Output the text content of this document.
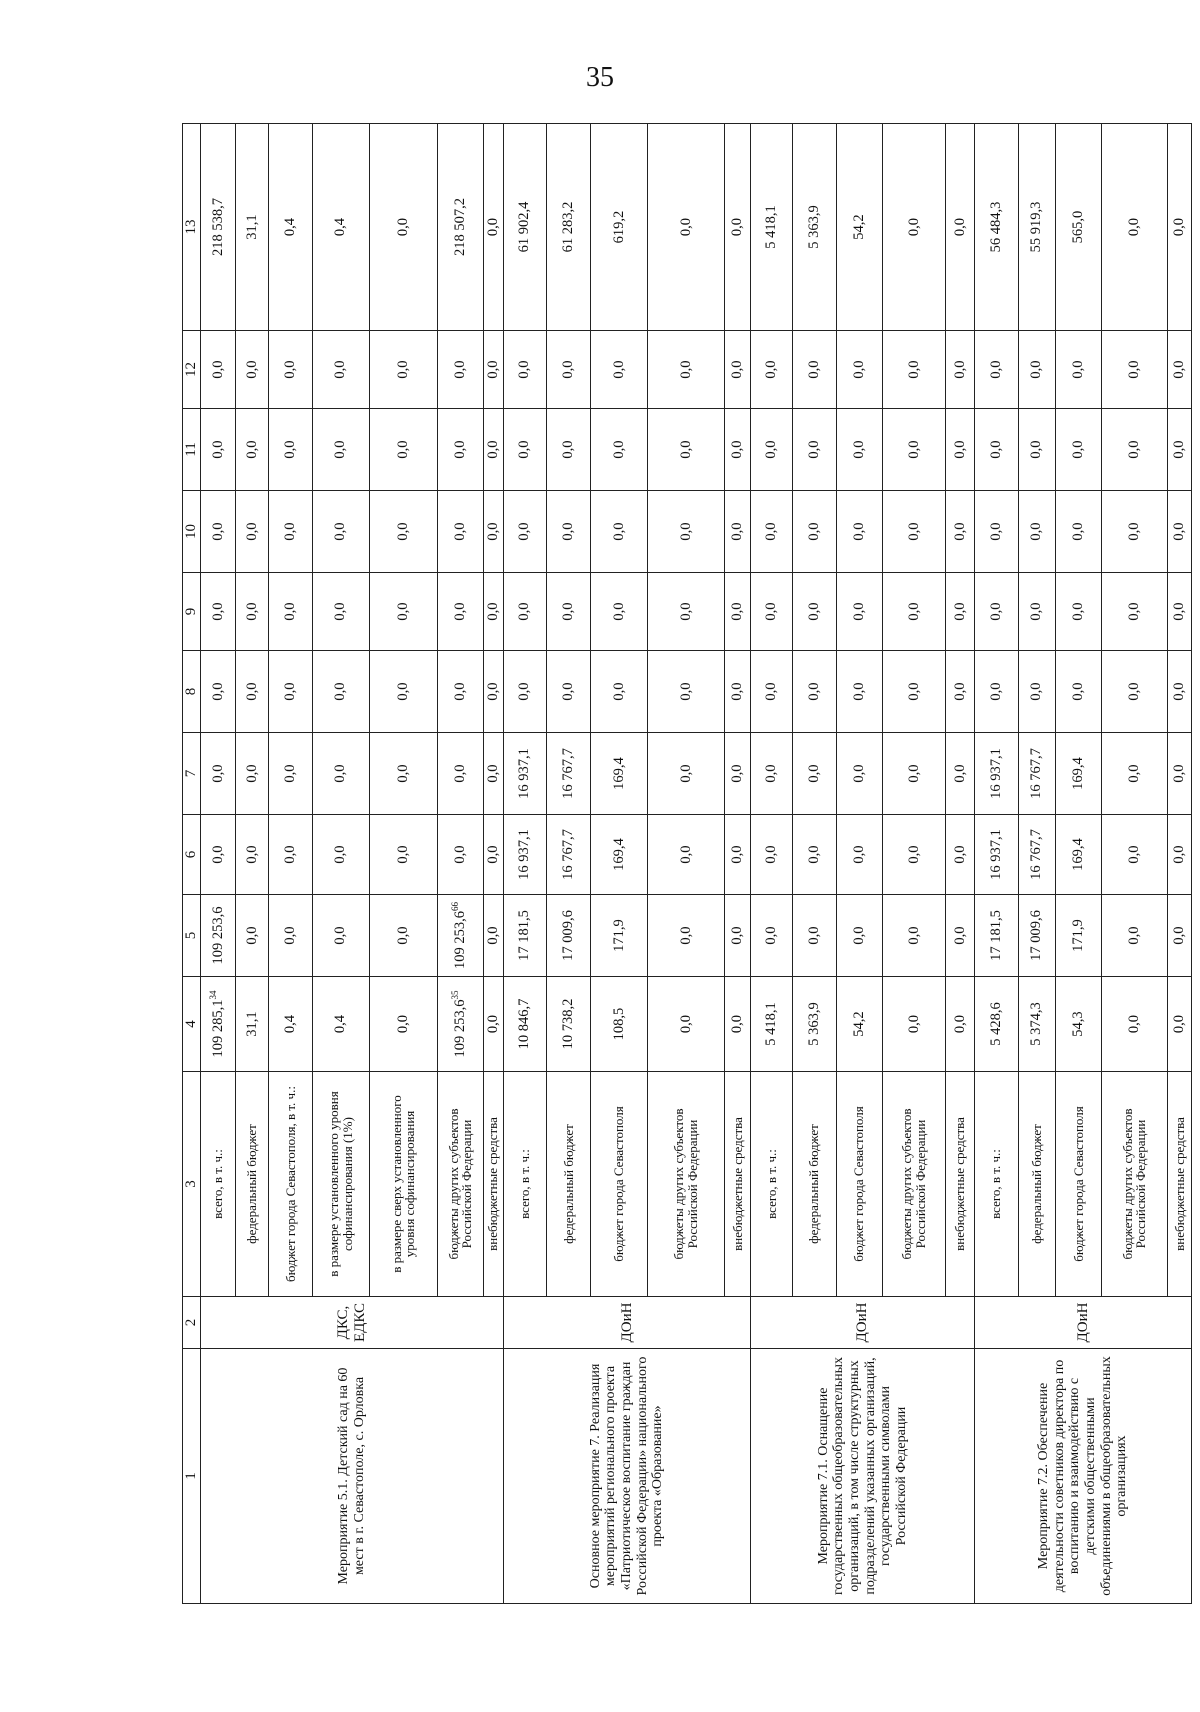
35
1	2	3	4	5	6	7	8	9	10	11	12	13
Мероприятие 5.1. Детский сад на 60 мест в г. Севастополе, с. Орловка	ДКС, ЕДКС	всего, в т. ч.:	109 285,1$^{34}$	109 253,6	0,0	0,0	0,0	0,0	0,0	0,0	0,0	218 538,7
		федеральный бюджет	31,1	0,0	0,0	0,0	0,0	0,0	0,0	0,0	0,0	31,1
		бюджет города Севастополя, в т. ч.:	0,4	0,0	0,0	0,0	0,0	0,0	0,0	0,0	0,0	0,4
		в размере установленного уровня софинансирования (1%)	0,4	0,0	0,0	0,0	0,0	0,0	0,0	0,0	0,0	0,4
		в размере сверх установленного уровня софинансирования	0,0	0,0	0,0	0,0	0,0	0,0	0,0	0,0	0,0	0,0
		бюджеты других субъектов Российской Федерации	109 253,6$^{35}$	109 253,6$^{66}$	0,0	0,0	0,0	0,0	0,0	0,0	0,0	218 507,2
		внебюджетные средства	0,0	0,0	0,0	0,0	0,0	0,0	0,0	0,0	0,0	0,0
Основное мероприятие 7. Реализация мероприятий регионального проекта «Патриотическое воспитание граждан Российской Федерации» национального проекта «Образование»	ДОиН	всего, в т. ч.:	10 846,7	17 181,5	16 937,1	16 937,1	0,0	0,0	0,0	0,0	0,0	61 902,4
		федеральный бюджет	10 738,2	17 009,6	16 767,7	16 767,7	0,0	0,0	0,0	0,0	0,0	61 283,2
		бюджет города Севастополя	108,5	171,9	169,4	169,4	0,0	0,0	0,0	0,0	0,0	619,2
		бюджеты других субъектов Российской Федерации	0,0	0,0	0,0	0,0	0,0	0,0	0,0	0,0	0,0	0,0
		внебюджетные средства	0,0	0,0	0,0	0,0	0,0	0,0	0,0	0,0	0,0	0,0
Мероприятие 7.1. Оснащение государственных общеобразовательных организаций, в том числе структурных подразделений указанных организаций, государственными символами Российской Федерации	ДОиН	всего, в т. ч.:	5 418,1	0,0	0,0	0,0	0,0	0,0	0,0	0,0	0,0	5 418,1
		федеральный бюджет	5 363,9	0,0	0,0	0,0	0,0	0,0	0,0	0,0	0,0	5 363,9
		бюджет города Севастополя	54,2	0,0	0,0	0,0	0,0	0,0	0,0	0,0	0,0	54,2
		бюджеты других субъектов Российской Федерации	0,0	0,0	0,0	0,0	0,0	0,0	0,0	0,0	0,0	0,0
		внебюджетные средства	0,0	0,0	0,0	0,0	0,0	0,0	0,0	0,0	0,0	0,0
Мероприятие 7.2. Обеспечение деятельности советников директора по воспитанию и взаимодействию с детскими общественными объединениями в общеобразовательных организациях	ДОиН	всего, в т. ч.:	5 428,6	17 181,5	16 937,1	16 937,1	0,0	0,0	0,0	0,0	0,0	56 484,3
		федеральный бюджет	5 374,3	17 009,6	16 767,7	16 767,7	0,0	0,0	0,0	0,0	0,0	55 919,3
		бюджет города Севастополя	54,3	171,9	169,4	169,4	0,0	0,0	0,0	0,0	0,0	565,0
		бюджеты других субъектов Российской Федерации	0,0	0,0	0,0	0,0	0,0	0,0	0,0	0,0	0,0	0,0
		внебюджетные средства	0,0	0,0	0,0	0,0	0,0	0,0	0,0	0,0	0,0	0,0
